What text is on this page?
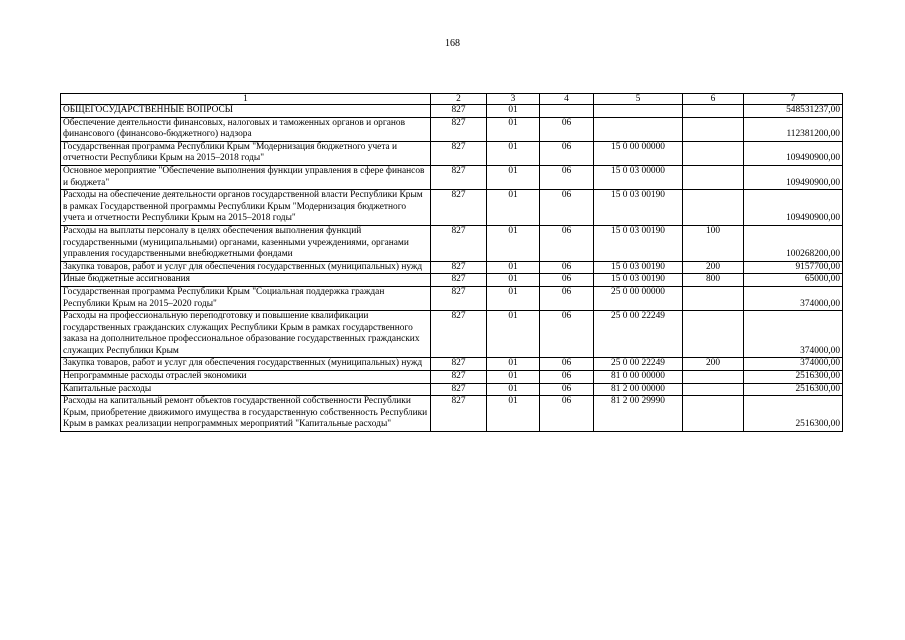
168
1	2	3	4	5	6	7
ОБЩЕГОСУДАРСТВЕННЫЕ ВОПРОСЫ	827	01				548531237,00
Обеспечение деятельности финансовых, налоговых и таможенных органов и органов финансового (финансово-бюджетного) надзора	827	01	06			112381200,00
Государственная программа Республики Крым "Модернизация бюджетного учета и отчетности Республики Крым на 2015–2018 годы"	827	01	06	15 0 00 00000		109490900,00
Основное мероприятие "Обеспечение выполнения функции управления в сфере финансов и бюджета"	827	01	06	15 0 03 00000		109490900,00
Расходы на обеспечение деятельности органов государственной власти Республики Крым в рамках Государственной программы Республики Крым "Модернизация бюджетного учета и отчетности Республики Крым на 2015–2018 годы"	827	01	06	15 0 03 00190		109490900,00
Расходы на выплаты персоналу в целях обеспечения выполнения функций государственными (муниципальными) органами, казенными учреждениями, органами управления государственными внебюджетными фондами	827	01	06	15 0 03 00190	100	100268200,00
Закупка товаров, работ и услуг для обеспечения государственных (муниципальных) нужд	827	01	06	15 0 03 00190	200	9157700,00
Иные бюджетные ассигнования	827	01	06	15 0 03 00190	800	65000,00
Государственная программа Республики Крым "Социальная поддержка граждан Республики Крым на 2015–2020 годы"	827	01	06	25 0 00 00000		374000,00
Расходы на профессиональную переподготовку и повышение квалификации государственных гражданских служащих Республики Крым в рамках государственного заказа на дополнительное профессиональное образование государственных гражданских служащих Республики Крым	827	01	06	25 0 00 22249		374000,00
Закупка товаров, работ и услуг для обеспечения государственных (муниципальных) нужд	827	01	06	25 0 00 22249	200	374000,00
Непрограммные расходы отраслей экономики	827	01	06	81 0 00 00000		2516300,00
Капитальные расходы	827	01	06	81 2 00 00000		2516300,00
Расходы на капитальный ремонт объектов государственной собственности Республики Крым, приобретение движимого имущества в государственную собственность Республики Крым в рамках реализации непрограммных мероприятий "Капитальные расходы"	827	01	06	81 2 00 29990		2516300,00
